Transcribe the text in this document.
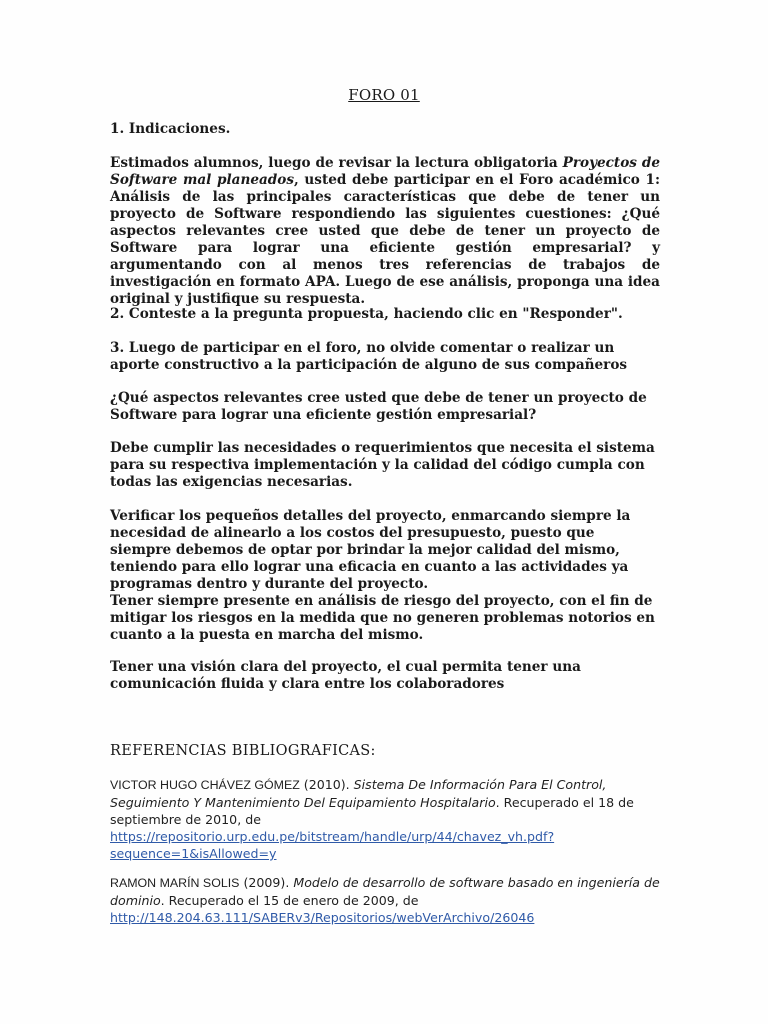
FORO 01
1. Indicaciones.
Estimados alumnos, luego de revisar la lectura obligatoria Proyectos de Software mal planeados, usted debe participar en el Foro académico 1: Análisis de las principales características que debe de tener un proyecto de Software respondiendo las siguientes cuestiones: ¿Qué aspectos relevantes cree usted que debe de tener un proyecto de Software para lograr una eficiente gestión empresarial? y argumentando con al menos tres referencias de trabajos de investigación en formato APA. Luego de ese análisis, proponga una idea original y justifique su respuesta.
2. Conteste a la pregunta propuesta, haciendo clic en "Responder".
3. Luego de participar en el foro, no olvide comentar o realizar un aporte constructivo a la participación de alguno de sus compañeros
¿Qué aspectos relevantes cree usted que debe de tener un proyecto de Software para lograr una eficiente gestión empresarial?
Debe cumplir las necesidades o requerimientos que necesita el sistema para su respectiva implementación y la calidad del código cumpla con todas las exigencias necesarias.
Verificar los pequeños detalles del proyecto, enmarcando siempre la necesidad de alinearlo a los costos del presupuesto, puesto que siempre debemos de optar por brindar la mejor calidad del mismo, teniendo para ello lograr una eficacia en cuanto a las actividades ya programas dentro y durante del proyecto.
Tener siempre presente en análisis de riesgo del proyecto, con el fin de mitigar los riesgos en la medida que no generen problemas notorios en cuanto a la puesta en marcha del mismo.
Tener una visión clara del proyecto, el cual permita tener una comunicación fluida y clara entre los colaboradores
REFERENCIAS BIBLIOGRAFICAS:
VICTOR HUGO CHÁVEZ GÓMEZ (2010). Sistema De Información Para El Control, Seguimiento Y Mantenimiento Del Equipamiento Hospitalario. Recuperado el 18 de septiembre de 2010, de
https://repositorio.urp.edu.pe/bitstream/handle/urp/44/chavez_vh.pdf?sequence=1&isAllowed=y
RAMON MARÍN SOLIS (2009). Modelo de desarrollo de software basado en ingeniería de dominio. Recuperado el 15 de enero de 2009, de
http://148.204.63.111/SABERv3/Repositorios/webVerArchivo/26046
